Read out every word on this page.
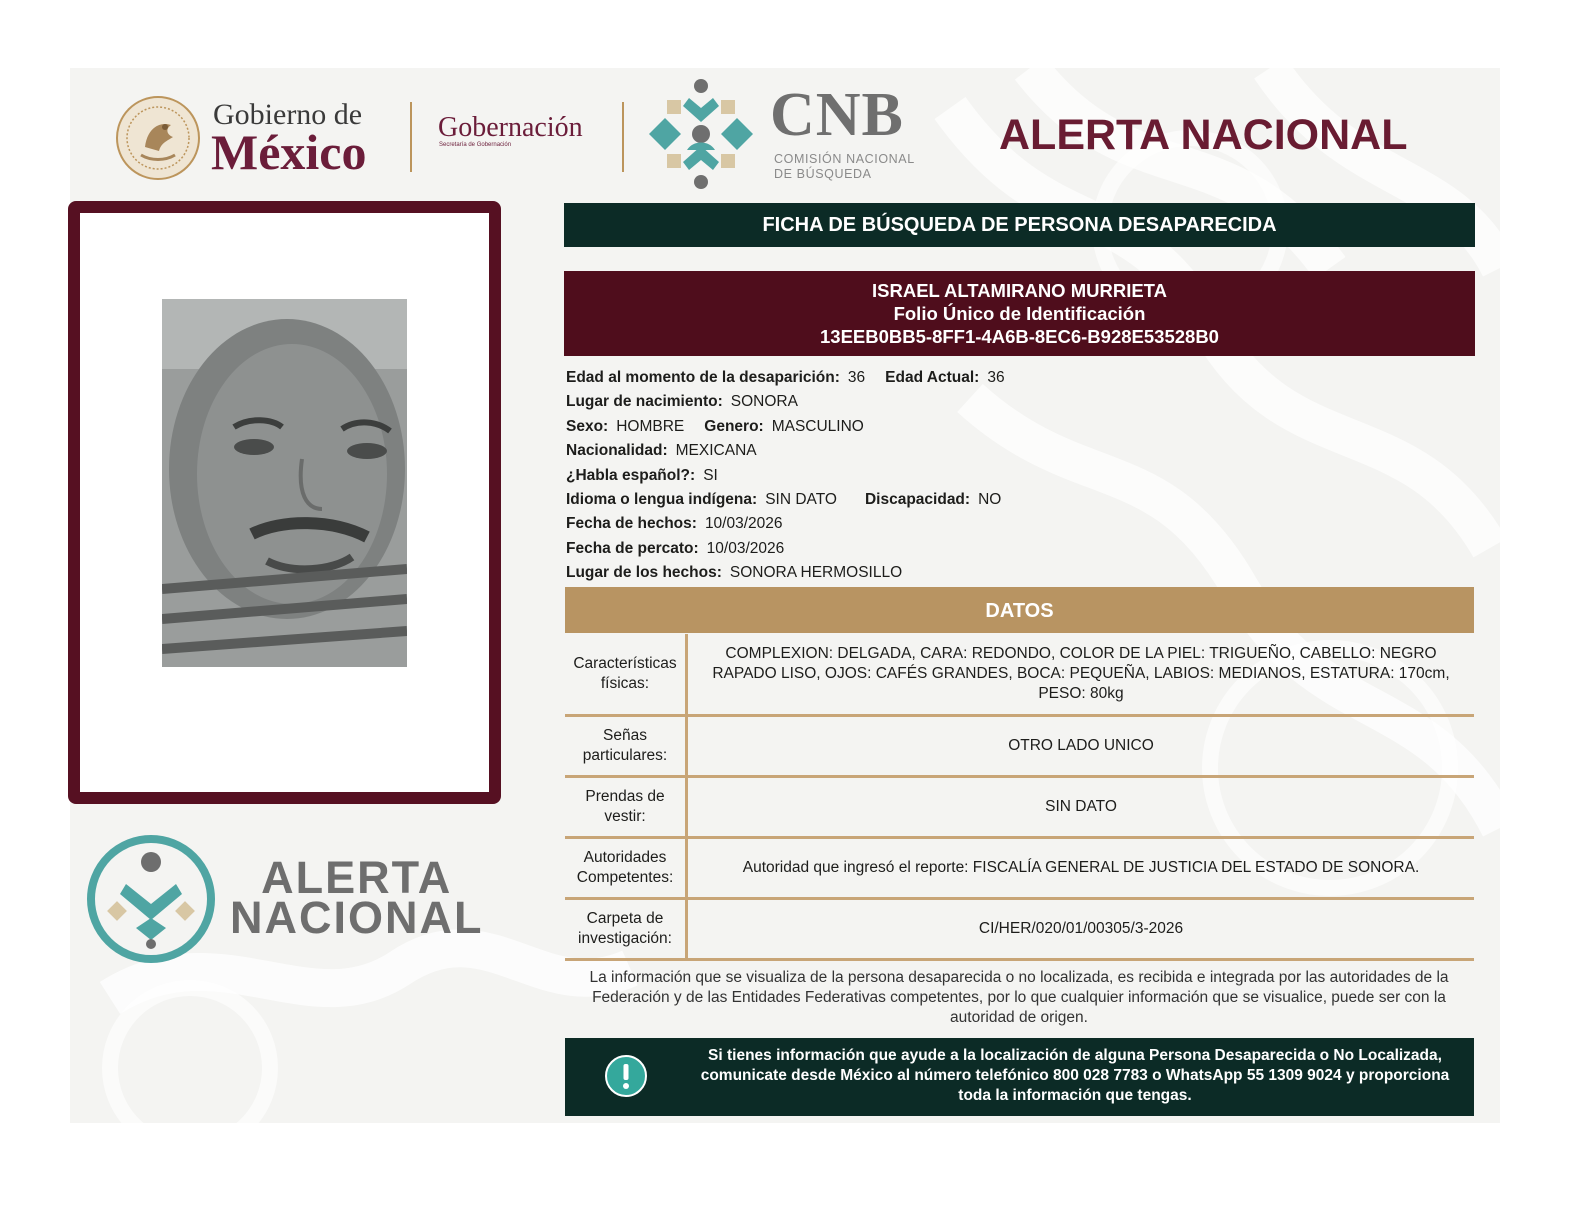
Gobierno de
México	Gobernación
Secretaría de Gobernación	CNB
COMISIÓN NACIONAL
DE BÚSQUEDA
ALERTA NACIONAL
ALERTA
NACIONAL
FICHA DE BÚSQUEDA DE PERSONA DESAPARECIDA
ISRAEL ALTAMIRANO MURRIETA
Folio Único de Identificación
13EEB0BB5-8FF1-4A6B-8EC6-B928E53528B0
Edad al momento de la desaparición: 36 Edad Actual: 36
Lugar de nacimiento: SONORA
Sexo: HOMBRE Genero: MASCULINO
Nacionalidad: MEXICANA
¿Habla español?: SI
Idioma o lengua indígena: SIN DATO Discapacidad: NO
Fecha de hechos: 10/03/2026
Fecha de percato: 10/03/2026
Lugar de los hechos: SONORA HERMOSILLO
DATOS
Características físicas:
COMPLEXION: DELGADA, CARA: REDONDO, COLOR DE LA PIEL: TRIGUEÑO, CABELLO: NEGRO RAPADO LISO, OJOS: CAFÉS GRANDES, BOCA: PEQUEÑA, LABIOS: MEDIANOS, ESTATURA: 170cm, PESO: 80kg
Señas particulares:
OTRO LADO UNICO
Prendas de vestir:
SIN DATO
Autoridades Competentes:
Autoridad que ingresó el reporte: FISCALÍA GENERAL DE JUSTICIA DEL ESTADO DE SONORA.
Carpeta de investigación:
CI/HER/020/01/00305/3-2026
La información que se visualiza de la persona desaparecida o no localizada, es recibida e integrada por las autoridades de la Federación y de las Entidades Federativas competentes, por lo que cualquier información que se visualice, puede ser con la autoridad de origen.
Si tienes información que ayude a la localización de alguna Persona Desaparecida o No Localizada, comunicate desde México al número telefónico 800 028 7783 o WhatsApp 55 1309 9024 y proporciona toda la información que tengas.
